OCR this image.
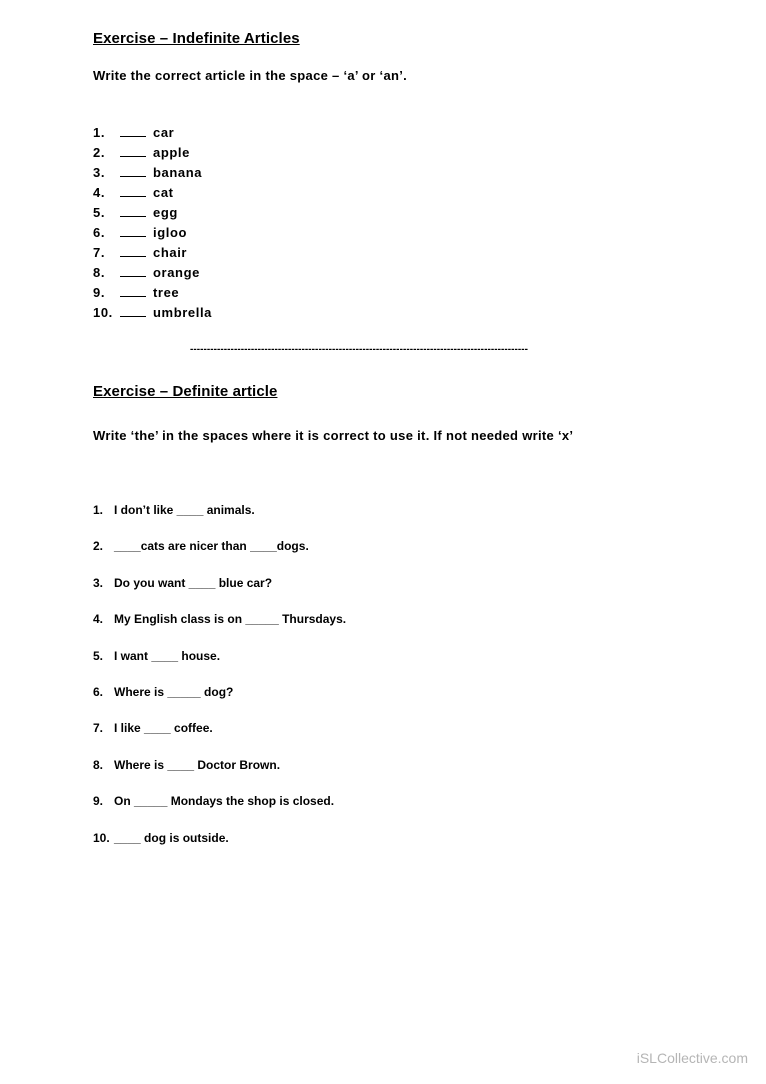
Exercise – Indefinite Articles
Write the correct article in the space – ‘a’ or ‘an’.
1.	car
2.	apple
3.	banana
4.	cat
5.	egg
6.	igloo
7.	chair
8.	orange
9.	tree
10.	umbrella
----------------------------------------------------------------------------------------------------
Exercise – Definite article
Write ‘the’ in the spaces where it is correct to use it. If not needed write ‘x’
1. I don’t like ____ animals.
2. ____cats are nicer than ____dogs.
3. Do you want ____ blue car?
4. My English class is on _____ Thursdays.
5. I want ____ house.
6. Where is _____ dog?
7. I like ____ coffee.
8. Where is ____ Doctor Brown.
9. On _____ Mondays the shop is closed.
10. ____ dog is outside.
iSLCollective.com
